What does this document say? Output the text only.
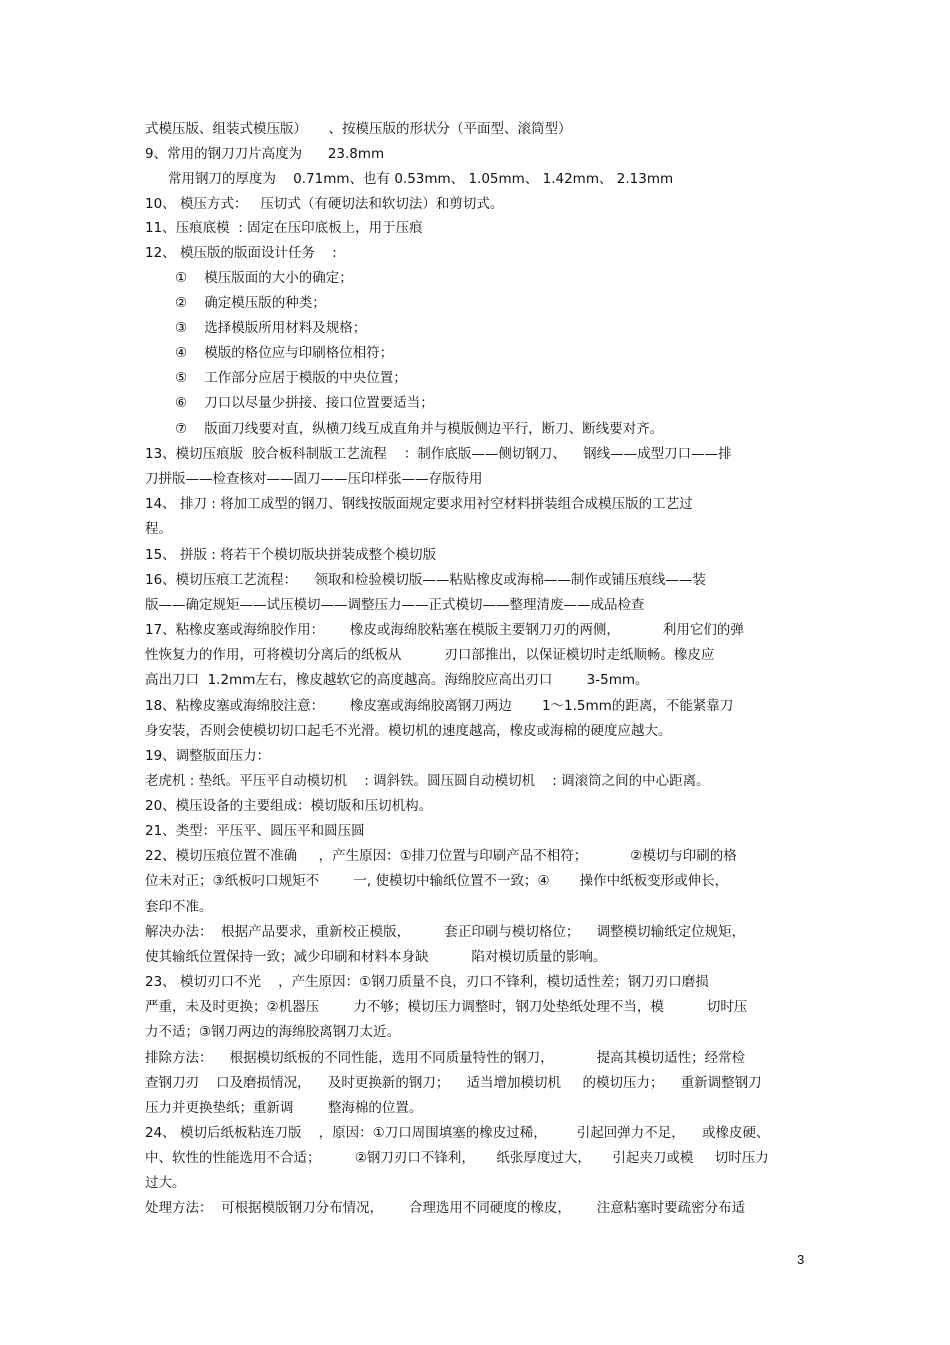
式模压版、组装式模压版）     、按模压版的形状分（平面型、滚筒型）
9、常用的钢刀刀片高度为      23.8mm
常用钢刀的厚度为    0.71mm、也有 0.53mm、 1.05mm、 1.42mm、 2.13mm
10、 模压方式：   压切式（有硬切法和软切法）和剪切式。
11、压痕底模  : 固定在压印底板上，用于压痕
12、 模压版的版面设计任务    :
①    模压版面的大小的确定；
②    确定模压版的种类；
③    选择模版所用材料及规格；
④    模版的格位应与印刷格位相符；
⑤    工作部分应居于模版的中央位置；
⑥    刀口以尽量少拼接、接口位置要适当；
⑦    版面刀线要对直，纵横刀线互成直角并与模版侧边平行，断刀、断线要对齐。
13、模切压痕版  胶合板科制版工艺流程    ：制作底版——侧切钢刀、    钢线——成型刀口——排
刀拼版——检查核对——固刀——压印样张——存版待用
14、 排刀 : 将加工成型的钢刀、钢线按版面规定要求用衬空材料拼装组合成模压版的工艺过
程。
15、 拼版 : 将若干个模切版块拼装成整个模切版
16、模切压痕工艺流程：    领取和检验模切版——粘贴橡皮或海棉——制作或铺压痕线——装
版——确定规矩——试压模切——调整压力——正式模切——整理清废——成品检查
17、粘橡皮塞或海绵胶作用：      橡皮或海绵胶粘塞在模版主要钢刀刃的两侧，          利用它们的弹
性恢复力的作用，可将模切分离后的纸板从          刃口部推出，以保证模切时走纸顺畅。橡皮应
高出刀口  1.2mm左右，橡皮越软它的高度越高。海绵胶应高出刃口        3-5mm。
18、粘橡皮塞或海绵胶注意：      橡皮塞或海绵胶离钢刀两边       1～1.5mm的距离，不能紧靠刀
身安装，否则会使模切切口起毛不光滑。模切机的速度越高，橡皮或海棉的硬度应越大。
19、调整版面压力：
老虎机 : 垫纸。平压平自动模切机    : 调斜铁。圆压圆自动模切机    : 调滚筒之间的中心距离。
20、模压设备的主要组成：模切版和压切机构。
21、类型：平压平、圆压平和圆压圆
22、模切压痕位置不准确     ，产生原因：①排刀位置与印刷产品不相符；          ②模切与印刷的格
位未对正；③纸板叼口规矩不        一, 使模切中输纸位置不一致；④       操作中纸板变形或伸长，
套印不准。
解决办法：  根据产品要求，重新校正模版，        套正印刷与模切格位；    调整模切输纸定位规矩，
使其输纸位置保持一致；减少印刷和材料本身缺          陷对模切质量的影响。
23、 模切刃口不光    ，产生原因：①钢刀质量不良，刃口不锋利，模切适性差；钢刀刃口磨损
严重，未及时更换；②机器压        力不够；模切压力调整时，钢刀处垫纸处理不当，模          切时压
力不适；③钢刀两边的海绵胶离钢刀太近。
排除方法：    根据模切纸板的不同性能，选用不同质量特性的钢刀，          提高其模切适性；经常检
查钢刀刃    口及磨损情况，    及时更换新的钢刀；    适当增加模切机     的模切压力；    重新调整钢刀
压力并更换垫纸；重新调        整海棉的位置。
24、 模切后纸板粘连刀版    ，原因：①刀口周围填塞的橡皮过稀，       引起回弹力不足，    或橡皮硬、
中、软性的性能选用不合适；        ②钢刀刃口不锋利，     纸张厚度过大，     引起夹刀或模     切时压力
过大。
处理方法：  可根据模版钢刀分布情况，      合理选用不同硬度的橡皮，      注意粘塞时要疏密分布适
3
